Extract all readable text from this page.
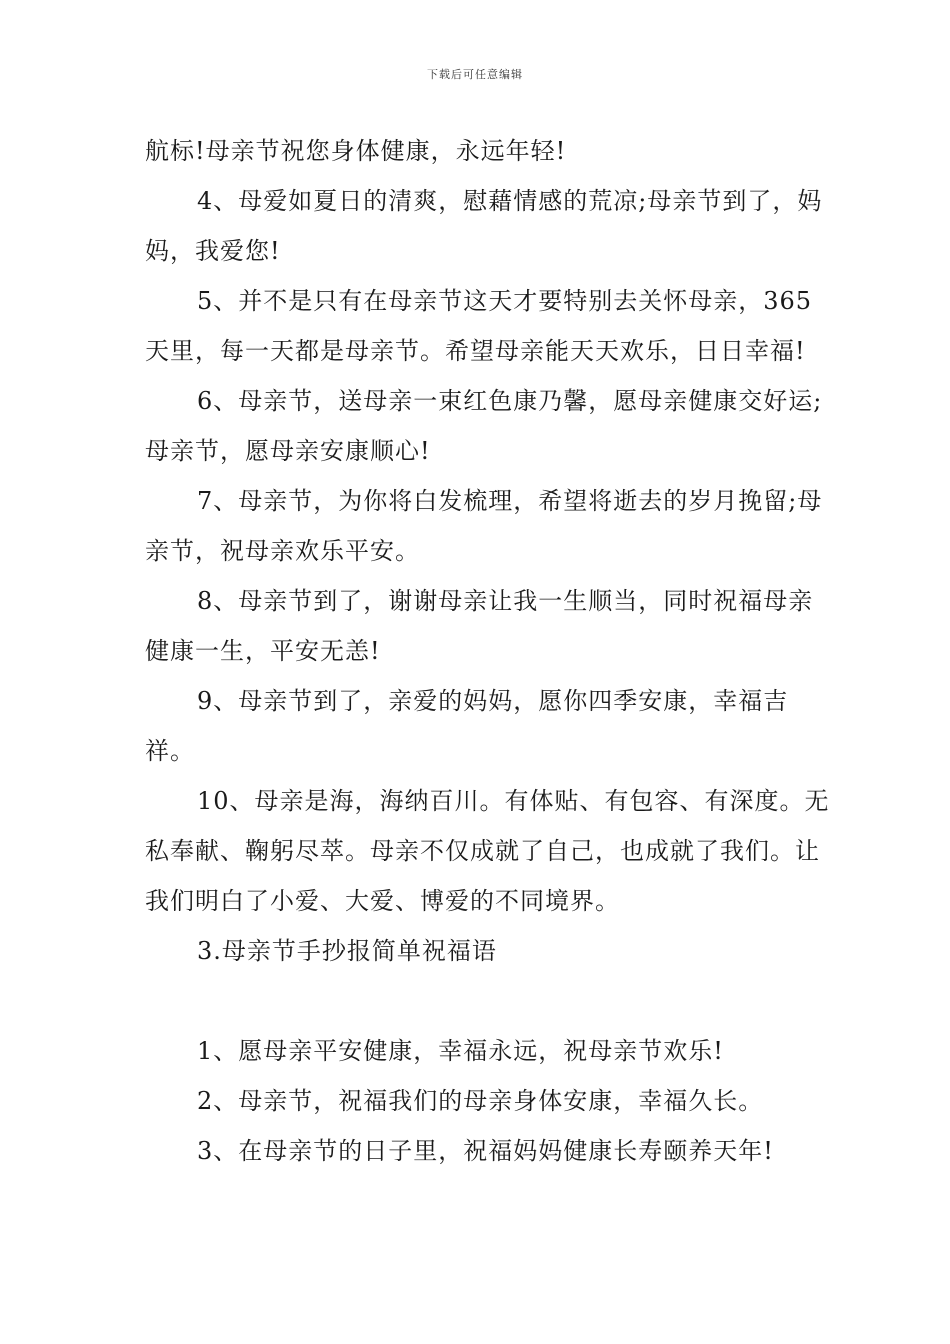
下载后可任意编辑

航标!母亲节祝您身体健康，永远年轻!

4、母爱如夏日的清爽，慰藉情感的荒凉;母亲节到了，妈妈，我爱您!

5、并不是只有在母亲节这天才要特别去关怀母亲，365天里，每一天都是母亲节。希望母亲能天天欢乐，日日幸福!

6、母亲节，送母亲一束红色康乃馨，愿母亲健康交好运;母亲节，愿母亲安康顺心!

7、母亲节，为你将白发梳理，希望将逝去的岁月挽留;母亲节，祝母亲欢乐平安。

8、母亲节到了，谢谢母亲让我一生顺当，同时祝福母亲健康一生，平安无恙!

9、母亲节到了，亲爱的妈妈，愿你四季安康，幸福吉祥。

10、母亲是海，海纳百川。有体贴、有包容、有深度。无私奉献、鞠躬尽萃。母亲不仅成就了自己，也成就了我们。让我们明白了小爱、大爱、博爱的不同境界。

3.母亲节手抄报简单祝福语

1、愿母亲平安健康，幸福永远，祝母亲节欢乐!

2、母亲节，祝福我们的母亲身体安康，幸福久长。

3、在母亲节的日子里，祝福妈妈健康长寿颐养天年!
